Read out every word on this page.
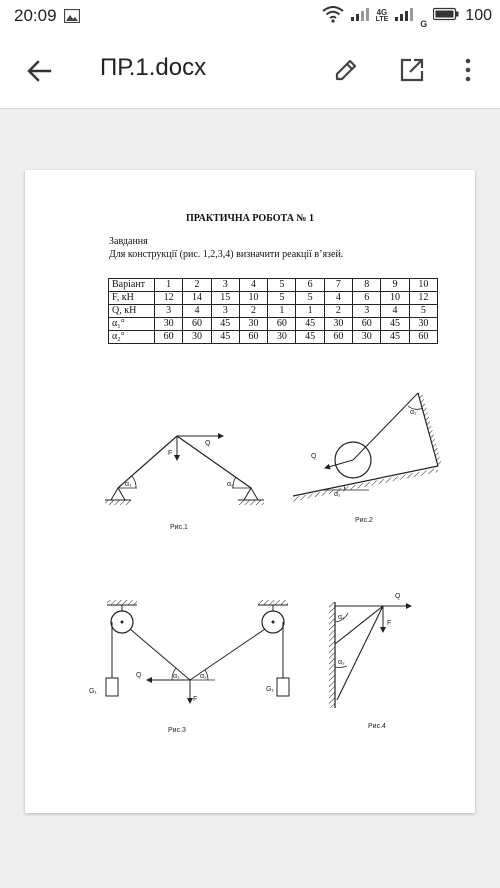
20:09	4G
LTE	G 100
ПР.1.docx
ПРАКТИЧНА РОБОТА № 1
Завдання
Для конструкції (рис. 1,2,3,4) визначити реакції в’язей.
Варіант	1	2	3	4	5	6	7	8	9	10
F, кН	12	14	15	10	5	5	4	6	10	12
Q, кН	3	4	3	2	1	1	2	3	4	5
α₁°	30	60	45	30	60	45	30	60	45	30
α₂°	60	30	45	60	30	45	60	30	45	60
F
Q
α₁	α₂
Рис.1
Q
α₁
α₂
Рис.2
Q
F
α₁	α₂
G₁	G₁
Рис.3
Q
F
α₁
α₂
Рис.4
